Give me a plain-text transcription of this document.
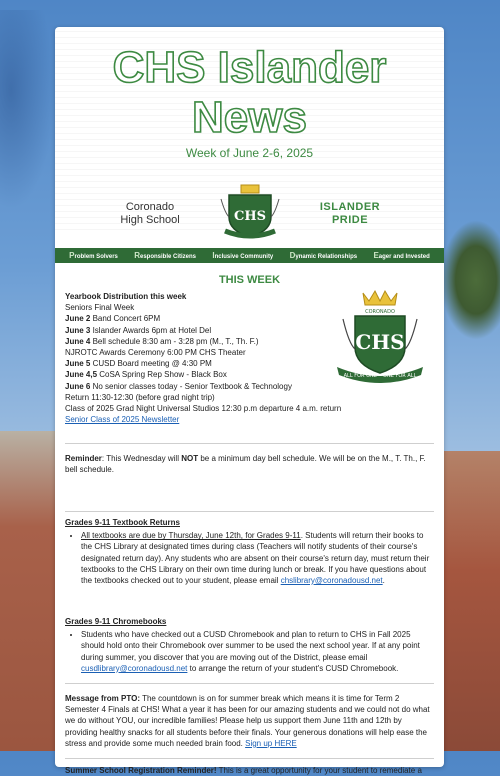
CHS Islander
News
Week of June 2-6, 2025
Coronado
High School	CHS
ISLANDER
PRIDE
Problem Solvers Responsible Citizens Inclusive Community Dynamic Relationships Eager and Invested
THIS WEEK
CORONADO
CHS
ALL FOR ONE • ONE FOR ALL
Yearbook Distribution this week
Seniors Final Week
June 2 Band Concert 6PM
June 3 Islander Awards 6pm at Hotel Del
June 4 Bell schedule 8:30 am - 3:28 pm (M., T., Th. F.)
NJROTC Awards Ceremony 6:00 PM CHS Theater
June 5 CUSD Board meeting @ 4:30 PM
June 4,5 CoSA Spring Rep Show - Black Box
June 6 No senior classes today - Senior Textbook & Technology
Return 11:30-12:30 (before grad night trip)
Class of 2025 Grad Night Universal Studios 12:30 p.m departure 4 a.m. return
Senior Class of 2025 Newsletter
Reminder: This Wednesday will NOT be a minimum day bell schedule. We will be on the M., T. Th., F. bell schedule.
Grades 9-11 Textbook Returns
• All textbooks are due by Thursday, June 12th, for Grades 9-11. Students will return their books to the CHS Library at designated times during class (Teachers will notify students of their course's designated return day). Any students who are absent on their course's return day, must return their textbooks to the CHS Library on their own time during lunch or break. If you have questions about the textbooks checked out to your student, please email chslibrary@coronadousd.net.
Grades 9-11 Chromebooks
• Students who have checked out a CUSD Chromebook and plan to return to CHS in Fall 2025 should hold onto their Chromebook over summer to be used the next school year. If at any point during summer, you discover that you are moving out of the District, please email cusdlibrary@coronadousd.net to arrange the return of your student's CUSD Chromebook.
Message from PTO: The countdown is on for summer break which means it is time for Term 2 Semester 4 Finals at CHS! What a year it has been for our amazing students and we could not do what we do without YOU, our incredible families! Please help us support them June 11th and 12th by providing healthy snacks for all students before their finals. Your generous donations will help ease the stress and provide some much needed brain food. Sign up HERE
Summer School Registration Reminder! This is a great opportunity for your student to remediate a
